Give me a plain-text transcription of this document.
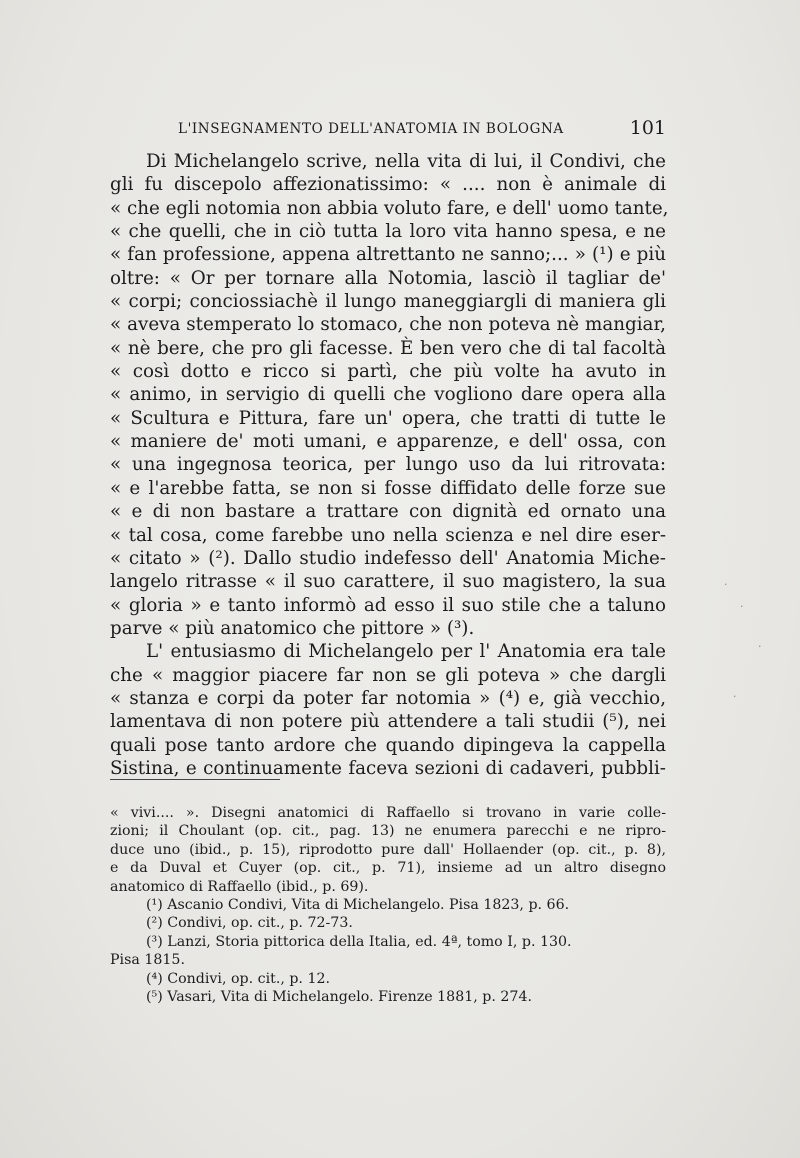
L'INSEGNAMENTO DELL'ANATOMIA IN BOLOGNA	101
Di Michelangelo scrive, nella vita di lui, il Condivi, che
gli fu discepolo affezionatissimo: « .... non è animale di
« che egli notomia non abbia voluto fare, e dell' uomo tante,
« che quelli, che in ciò tutta la loro vita hanno spesa, e ne
« fan professione, appena altrettanto ne sanno;... » (¹) e più
oltre: « Or per tornare alla Notomia, lasciò il tagliar de'
« corpi; conciossiachè il lungo maneggiargli di maniera gli
« aveva stemperato lo stomaco, che non poteva nè mangiar,
« nè bere, che pro gli facesse. È ben vero che di tal facoltà
« così dotto e ricco si partì, che più volte ha avuto in
« animo, in servigio di quelli che vogliono dare opera alla
« Scultura e Pittura, fare un' opera, che tratti di tutte le
« maniere de' moti umani, e apparenze, e dell' ossa, con
« una ingegnosa teorica, per lungo uso da lui ritrovata:
« e l'arebbe fatta, se non si fosse diffidato delle forze sue
« e di non bastare a trattare con dignità ed ornato una
« tal cosa, come farebbe uno nella scienza e nel dire eser-
« citato » (²). Dallo studio indefesso dell' Anatomia Miche-
langelo ritrasse « il suo carattere, il suo magistero, la sua
« gloria » e tanto informò ad esso il suo stile che a taluno
parve « più anatomico che pittore » (³).
L' entusiasmo di Michelangelo per l' Anatomia era tale
che « maggior piacere far non se gli poteva » che dargli
« stanza e corpi da poter far notomia » (⁴) e, già vecchio,
lamentava di non potere più attendere a tali studii (⁵), nei
quali pose tanto ardore che quando dipingeva la cappella
Sistina, e continuamente faceva sezioni di cadaveri, pubbli-
« vivi.... ». Disegni anatomici di Raffaello si trovano in varie colle-
zioni; il Choulant (op. cit., pag. 13) ne enumera parecchi e ne ripro-
duce uno (ibid., p. 15), riprodotto pure dall' Hollaender (op. cit., p. 8),
e da Duval et Cuyer (op. cit., p. 71), insieme ad un altro disegno
anatomico di Raffaello (ibid., p. 69).
(¹) Ascanio Condivi, Vita di Michelangelo. Pisa 1823, p. 66.
(²) Condivi, op. cit., p. 72-73.
(³) Lanzi, Storia pittorica della Italia, ed. 4ª, tomo I, p. 130.
Pisa 1815.
(⁴) Condivi, op. cit., p. 12.
(⁵) Vasari, Vita di Michelangelo. Firenze 1881, p. 274.
·
·
·
·
